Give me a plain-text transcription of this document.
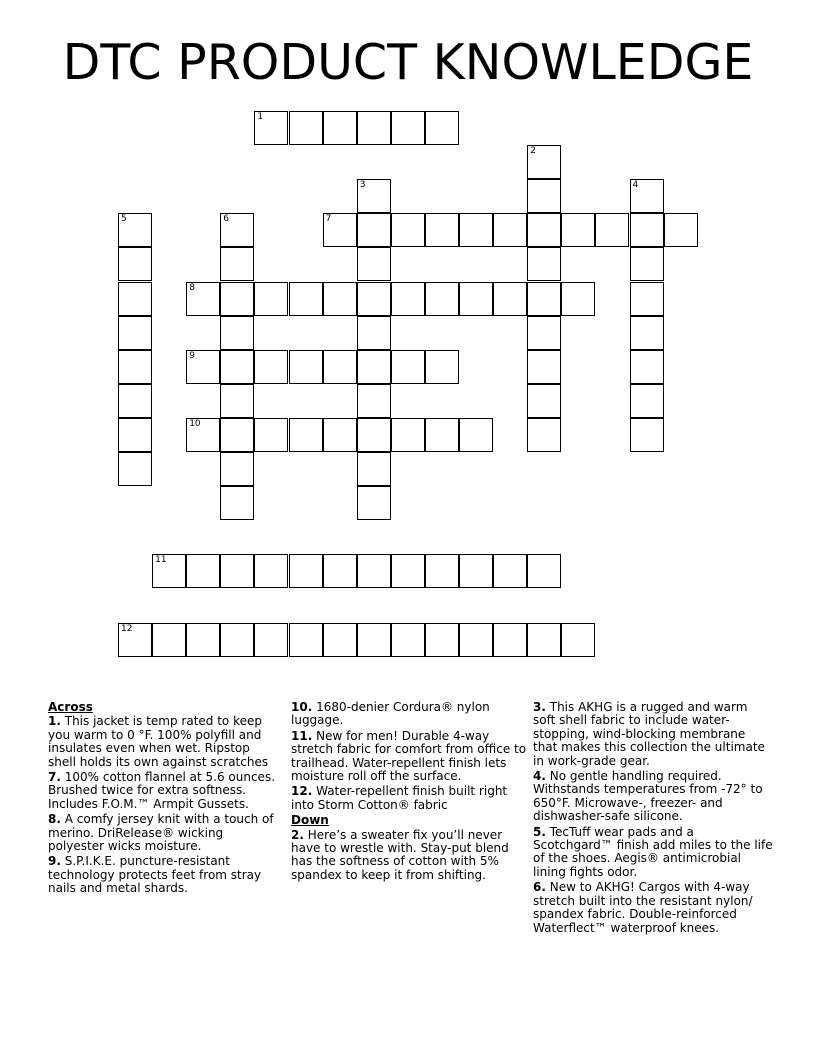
DTC PRODUCT KNOWLEDGE
1
2
3	4
5	6	7
8
9
10
11
12

Across

1. This jacket is temp rated to keep you warm to 0 °F. 100% polyfill and insulates even when wet. Ripstop shell holds its own against scratches

7. 100% cotton flannel at 5.6 ounces. Brushed twice for extra softness. Includes F.O.M.™ Armpit Gussets.

8. A comfy jersey knit with a touch of merino. DriRelease® wicking polyester wicks moisture.

9. S.P.I.K.E. puncture-resistant technology protects feet from stray nails and metal shards.

10. 1680-denier Cordura® nylon luggage.

11. New for men! Durable 4-way stretch fabric for comfort from office to trailhead. Water-repellent finish lets moisture roll off the surface.

12. Water-repellent finish built right into Storm Cotton® fabric

Down

2. Here’s a sweater fix you’ll never have to wrestle with. Stay-put blend has the softness of cotton with 5% spandex to keep it from shifting.

3. This AKHG is a rugged and warm soft shell fabric to include water-stopping, wind-blocking membrane that makes this collection the ultimate in work-grade gear.

4. No gentle handling required. Withstands temperatures from -72° to 650°F. Microwave-, freezer- and dishwasher-safe silicone.

5. TecTuff wear pads and a Scotchgard™ finish add miles to the life of the shoes. Aegis® antimicrobial lining fights odor.

6. New to AKHG! Cargos with 4-way stretch built into the resistant nylon/ spandex fabric. Double-reinforced Waterflect™ waterproof knees.
